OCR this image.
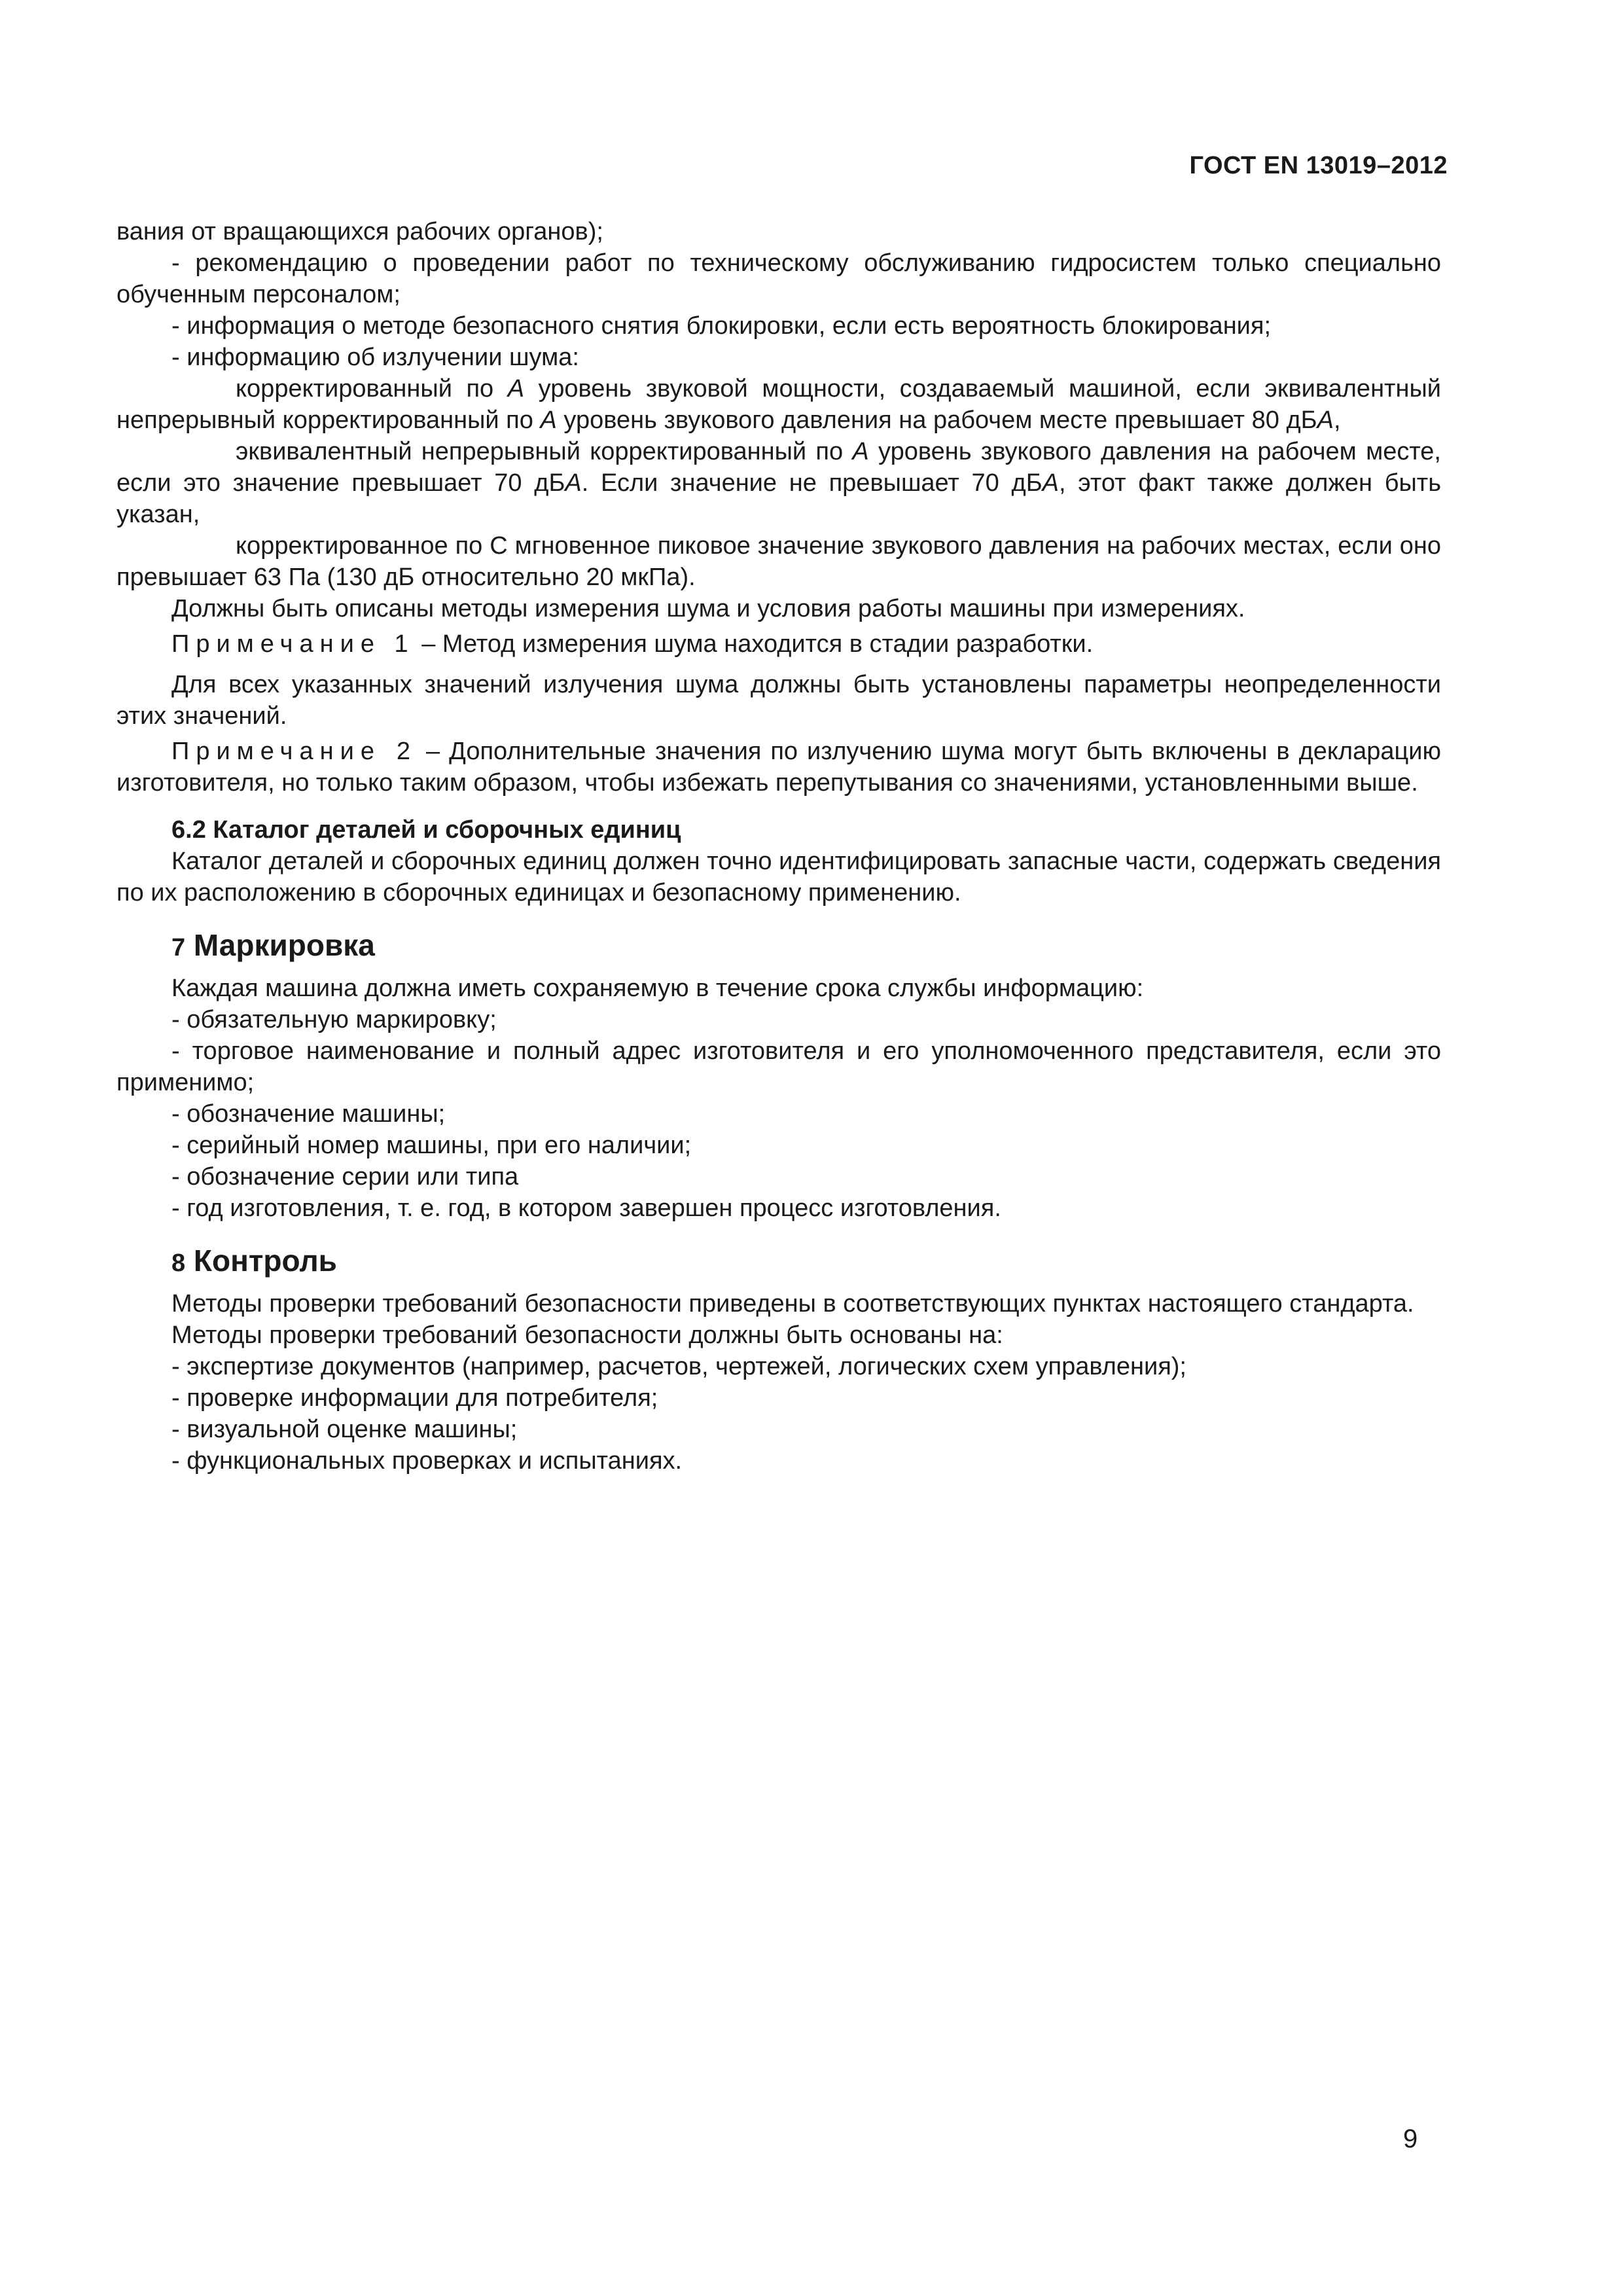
ГОСТ EN 13019–2012

вания от вращающихся рабочих органов);

- рекомендацию о проведении работ по техническому обслуживанию гидросистем только специально обученным персоналом;

- информация о методе безопасного снятия блокировки, если есть вероятность блокирования;

- информацию об излучении шума:

корректированный по A уровень звуковой мощности, создаваемый машиной, если эквивалентный непрерывный корректированный по A уровень звукового давления на рабочем месте превышает 80 дБA,

эквивалентный непрерывный корректированный по A уровень звукового давления на рабочем месте, если это значение превышает 70 дБA. Если значение не превышает 70 дБA, этот факт также должен быть указан,

корректированное по C мгновенное пиковое значение звукового давления на рабочих местах, если оно превышает 63 Па (130 дБ относительно 20 мкПа).

Должны быть описаны методы измерения шума и условия работы машины при измерениях.

Примечание 1 – Метод измерения шума находится в стадии разработки.

Для всех указанных значений излучения шума должны быть установлены параметры неопределенности этих значений.

Примечание 2 – Дополнительные значения по излучению шума могут быть включены в декларацию изготовителя, но только таким образом, чтобы избежать перепутывания со значениями, установленными выше.

6.2 Каталог деталей и сборочных единиц

Каталог деталей и сборочных единиц должен точно идентифицировать запасные части, содержать сведения по их расположению в сборочных единицах и безопасному применению.

7 Маркировка

Каждая машина должна иметь сохраняемую в течение срока службы информацию:

- обязательную маркировку;

- торговое наименование и полный адрес изготовителя и его уполномоченного представителя, если это применимо;

- обозначение машины;

- серийный номер машины, при его наличии;

- обозначение серии или типа

- год изготовления, т. е. год, в котором завершен процесс изготовления.

8 Контроль

Методы проверки требований безопасности приведены в соответствующих пунктах настоящего стандарта.

Методы проверки требований безопасности должны быть основаны на:

- экспертизе документов (например, расчетов, чертежей, логических схем управления);

- проверке информации для потребителя;

- визуальной оценке машины;

- функциональных проверках и испытаниях.

9
